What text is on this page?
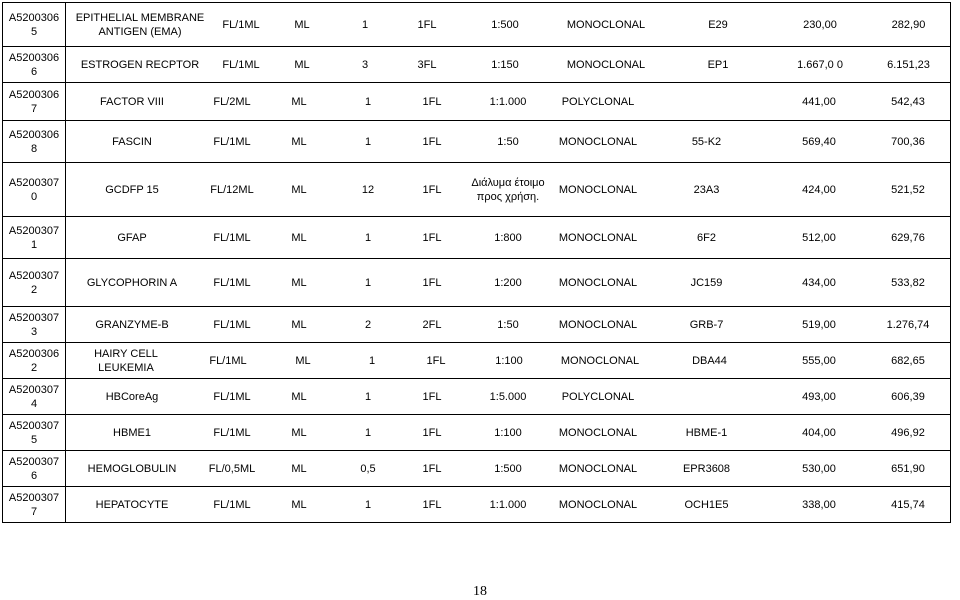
A5200306
5	
EPITHELIAL MEMBRANE ANTIGEN (EMA)	FL/1ML	ML	1	1FL	1:500	MONOCLONAL	E29	230,00	282,90

A5200306
6	
ESTROGEN RECPTOR	FL/1ML	ML	3	3FL	1:150	MONOCLONAL	EP1	1.667,0 0	6.151,23

A5200306
7	
FACTOR VIII	FL/2ML	ML	1	1FL	1:1.000	POLYCLONAL		441,00	542,43

A5200306
8	
FASCIN	FL/1ML	ML	1	1FL	1:50	MONOCLONAL	55-K2	569,40	700,36

A5200307
0	
GCDFP 15	FL/12ML	ML	12	1FL	Διάλυμα έτοιμο προς χρήση.	MONOCLONAL	23A3	424,00	521,52

A5200307
1	
GFAP	FL/1ML	ML	1	1FL	1:800	MONOCLONAL	6F2	512,00	629,76

A5200307
2	
GLYCOPHORIN A	FL/1ML	ML	1	1FL	1:200	MONOCLONAL	JC159	434,00	533,82

A5200307
3	
GRANZYME-B	FL/1ML	ML	2	2FL	1:50	MONOCLONAL	GRB-7	519,00	1.276,74

A5200306
2	
HAIRY CELL LEUKEMIA	FL/1ML	ML	1	1FL	1:100	MONOCLONAL	DBA44	555,00	682,65

A5200307
4	
HBCoreAg	FL/1ML	ML	1	1FL	1:5.000	POLYCLONAL		493,00	606,39

A5200307
5	
HBME1	FL/1ML	ML	1	1FL	1:100	MONOCLONAL	HBME-1	404,00	496,92

A5200307
6	
HEMOGLOBULIN	FL/0,5ML	ML	0,5	1FL	1:500	MONOCLONAL	EPR3608	530,00	651,90

A5200307
7	
HEPATOCYTE	FL/1ML	ML	1	1FL	1:1.000	MONOCLONAL	OCH1E5	338,00	415,74
18
